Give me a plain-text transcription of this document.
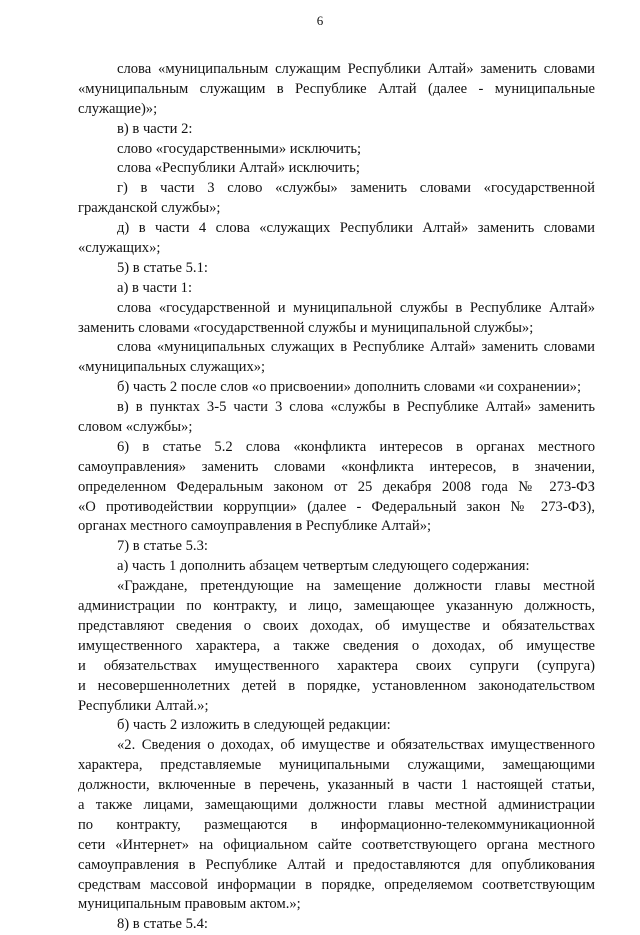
6
слова «муниципальным служащим Республики Алтай» заменить словами
«муниципальным служащим в Республике Алтай (далее - муниципальные
служащие)»;
в) в части 2:
слово «государственными» исключить;
слова «Республики Алтай» исключить;
г) в части 3 слово «службы» заменить словами «государственной
гражданской службы»;
д) в части 4 слова «служащих Республики Алтай» заменить словами
«служащих»;
5) в статье 5.1:
а) в части 1:
слова «государственной и муниципальной службы в Республике Алтай»
заменить словами «государственной службы и муниципальной службы»;
слова «муниципальных служащих в Республике Алтай» заменить словами
«муниципальных служащих»;
б) часть 2 после слов «о присвоении» дополнить словами «и сохранении»;
в) в пунктах 3-5 части 3 слова «службы в Республике Алтай» заменить
словом «службы»;
6) в статье 5.2 слова «конфликта интересов в органах местного
самоуправления» заменить словами «конфликта интересов, в значении,
определенном Федеральным законом от 25 декабря 2008 года № 273-ФЗ
«О противодействии коррупции» (далее - Федеральный закон № 273-ФЗ),
органах местного самоуправления в Республике Алтай»;
7) в статье 5.3:
а) часть 1 дополнить абзацем четвертым следующего содержания:
«Граждане, претендующие на замещение должности главы местной
администрации по контракту, и лицо, замещающее указанную должность,
представляют сведения о своих доходах, об имуществе и обязательствах
имущественного характера, а также сведения о доходах, об имуществе
и обязательствах имущественного характера своих супруги (супруга)
и несовершеннолетних детей в порядке, установленном законодательством
Республики Алтай.»;
б) часть 2 изложить в следующей редакции:
«2. Сведения о доходах, об имуществе и обязательствах имущественного
характера, представляемые муниципальными служащими, замещающими
должности, включенные в перечень, указанный в части 1 настоящей статьи,
а также лицами, замещающими должности главы местной администрации
по контракту, размещаются в информационно-телекоммуникационной
сети «Интернет» на официальном сайте соответствующего органа местного
самоуправления в Республике Алтай и предоставляются для опубликования
средствам массовой информации в порядке, определяемом соответствующим
муниципальным правовым актом.»;
8) в статье 5.4:
